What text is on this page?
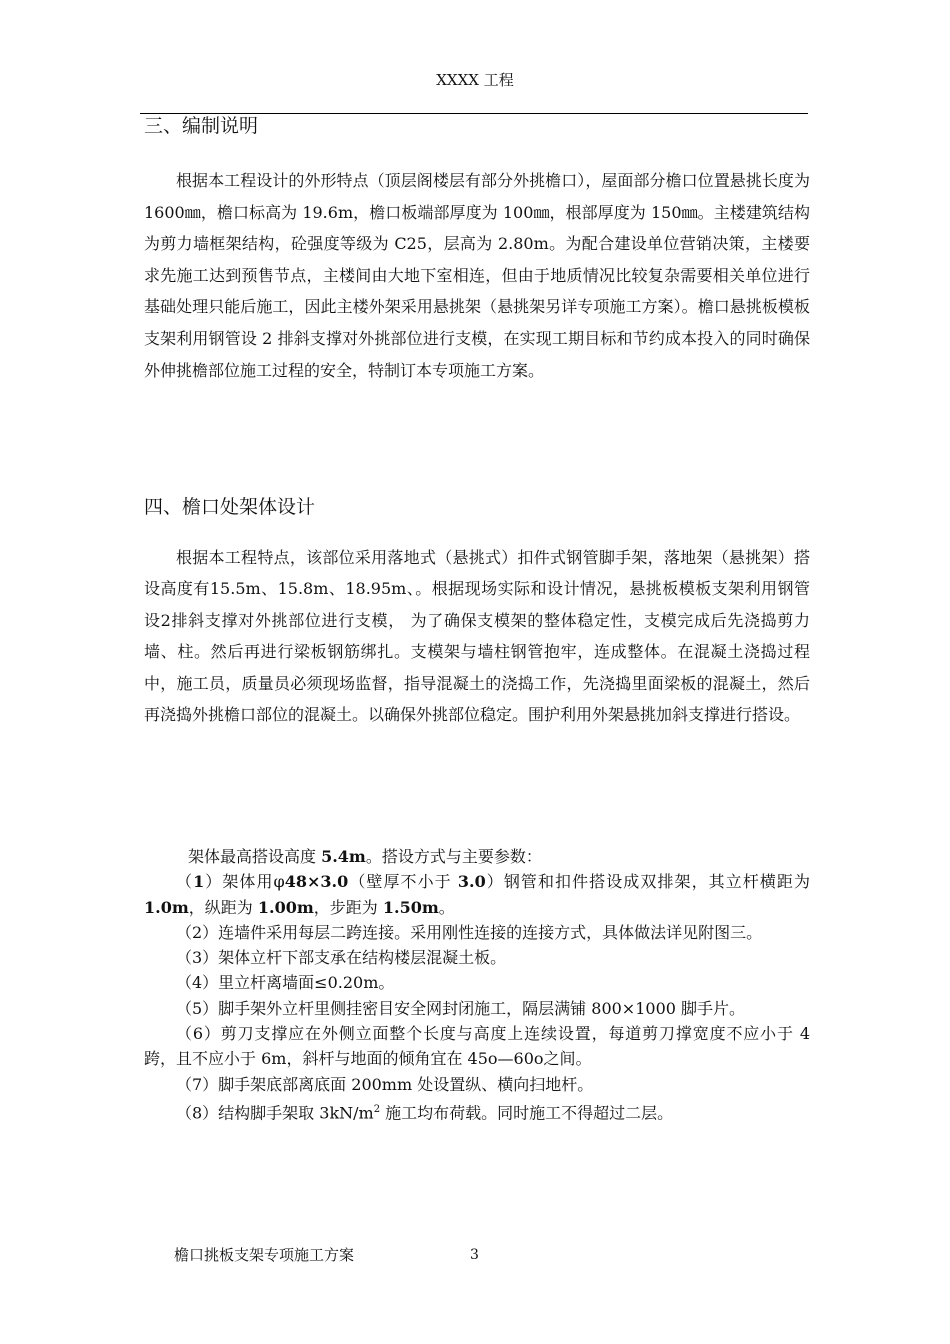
XXXX 工程
三、编制说明
根据本工程设计的外形特点（顶层阁楼层有部分外挑檐口），屋面部分檐口位置悬挑长度为 1600㎜，檐口标高为 19.6m，檐口板端部厚度为 100㎜，根部厚度为 150㎜。主楼建筑结构为剪力墙框架结构，砼强度等级为 C25，层高为 2.80m。为配合建设单位营销决策，主楼要求先施工达到预售节点，主楼间由大地下室相连，但由于地质情况比较复杂需要相关单位进行基础处理只能后施工，因此主楼外架采用悬挑架（悬挑架另详专项施工方案）。檐口悬挑板模板支架利用钢管设 2 排斜支撑对外挑部位进行支模，在实现工期目标和节约成本投入的同时确保外伸挑檐部位施工过程的安全，特制订本专项施工方案。
四、檐口处架体设计
根据本工程特点，该部位采用落地式（悬挑式）扣件式钢管脚手架，落地架（悬挑架）搭设高度有15.5m、15.8m、18.95m、。根据现场实际和设计情况，悬挑板模板支架利用钢管设2排斜支撑对外挑部位进行支模， 为了确保支模架的整体稳定性，支模完成后先浇捣剪力墙、柱。然后再进行梁板钢筋绑扎。支模架与墙柱钢管抱牢，连成整体。在混凝土浇捣过程中，施工员，质量员必须现场监督，指导混凝土的浇捣工作，先浇捣里面梁板的混凝土，然后再浇捣外挑檐口部位的混凝土。以确保外挑部位稳定。围护利用外架悬挑加斜支撑进行搭设。
架体最高搭设高度 5.4m。搭设方式与主要参数：
（1）架体用φ48×3.0（壁厚不小于 3.0）钢管和扣件搭设成双排架，其立杆横距为 1.0m，纵距为 1.00m，步距为 1.50m。
（2）连墙件采用每层二跨连接。采用刚性连接的连接方式，具体做法详见附图三。
（3）架体立杆下部支承在结构楼层混凝土板。
（4）里立杆离墙面≤0.20m。
（5）脚手架外立杆里侧挂密目安全网封闭施工，隔层满铺 800×1000 脚手片。
（6）剪刀支撑应在外侧立面整个长度与高度上连续设置，每道剪刀撑宽度不应小于 4 跨，且不应小于 6m，斜杆与地面的倾角宜在 45o—60o之间。
（7）脚手架底部离底面 200mm 处设置纵、横向扫地杆。
（8）结构脚手架取 $3kN/m^2$ 施工均布荷载。同时施工不得超过二层。
檐口挑板支架专项施工方案	3
